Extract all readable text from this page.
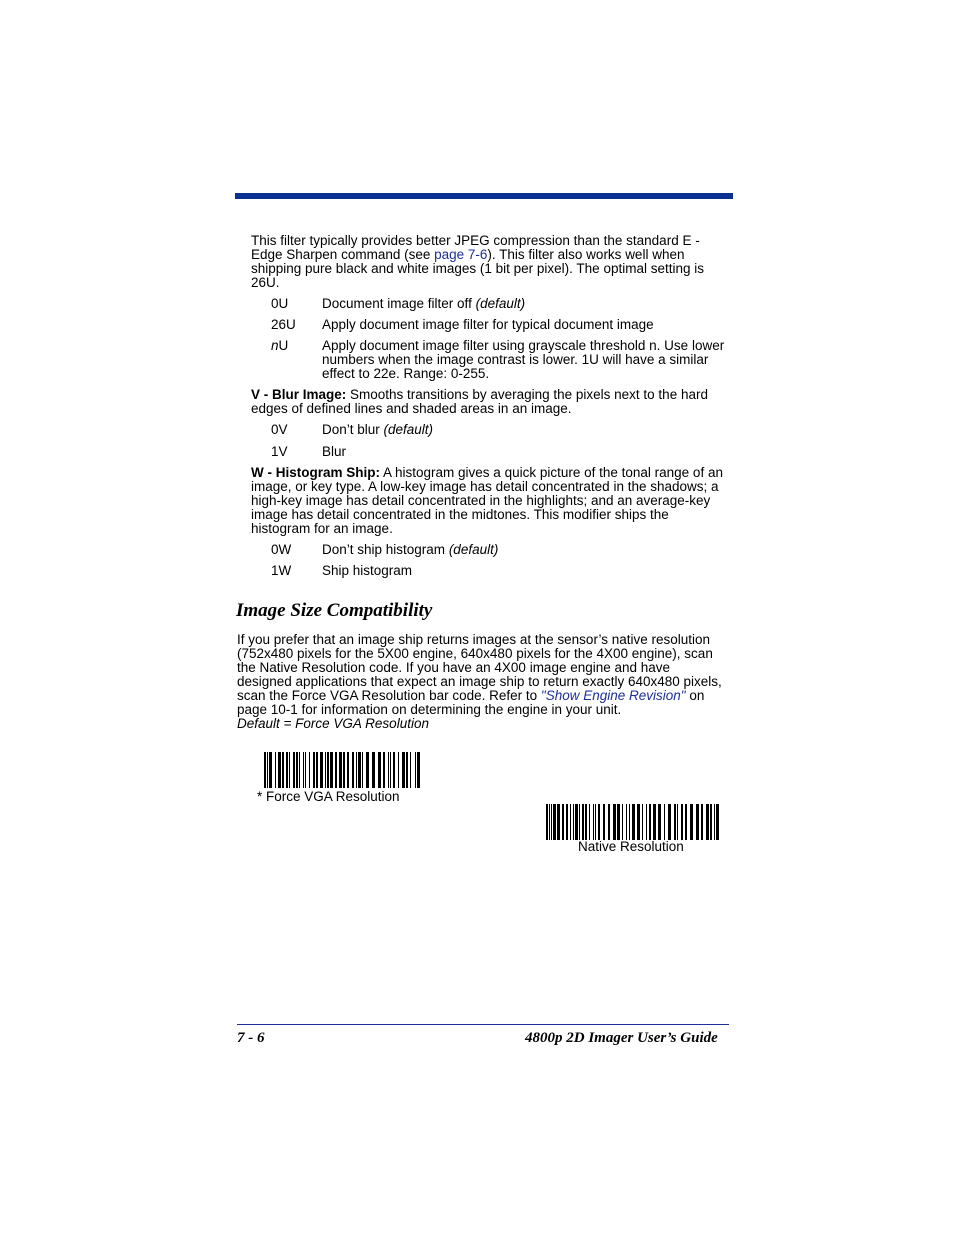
This filter typically provides better JPEG compression than the standard E - Edge Sharpen command (see page 7-6). This filter also works well when shipping pure black and white images (1 bit per pixel). The optimal setting is 26U.

0U Document image filter off (default)

26U Apply document image filter for typical document image

nU Apply document image filter using grayscale threshold n. Use lower numbers when the image contrast is lower. 1U will have a similar effect to 22e. Range: 0-255.

V - Blur Image: Smooths transitions by averaging the pixels next to the hard edges of defined lines and shaded areas in an image.

0V	Don’t blur (default)

1V	Blur

W - Histogram Ship: A histogram gives a quick picture of the tonal range of an image, or key type. A low-key image has detail concentrated in the shadows; a high-key image has detail concentrated in the highlights; and an average-key image has detail concentrated in the midtones. This modifier ships the histogram for an image.

0W Don’t ship histogram (default)

1W Ship histogram

Image Size Compatibility

If you prefer that an image ship returns images at the sensor’s native resolution (752x480 pixels for the 5X00 engine, 640x480 pixels for the 4X00 engine), scan the Native Resolution code. If you have an 4X00 image engine and have designed applications that expect an image ship to return exactly 640x480 pixels, scan the Force VGA Resolution bar code. Refer to "Show Engine Revision" on page 10-1 for information on determining the engine in your unit.
Default = Force VGA Resolution

* Force VGA Resolution
Native Resolution
7 - 6	4800p 2D Imager User’s Guide
